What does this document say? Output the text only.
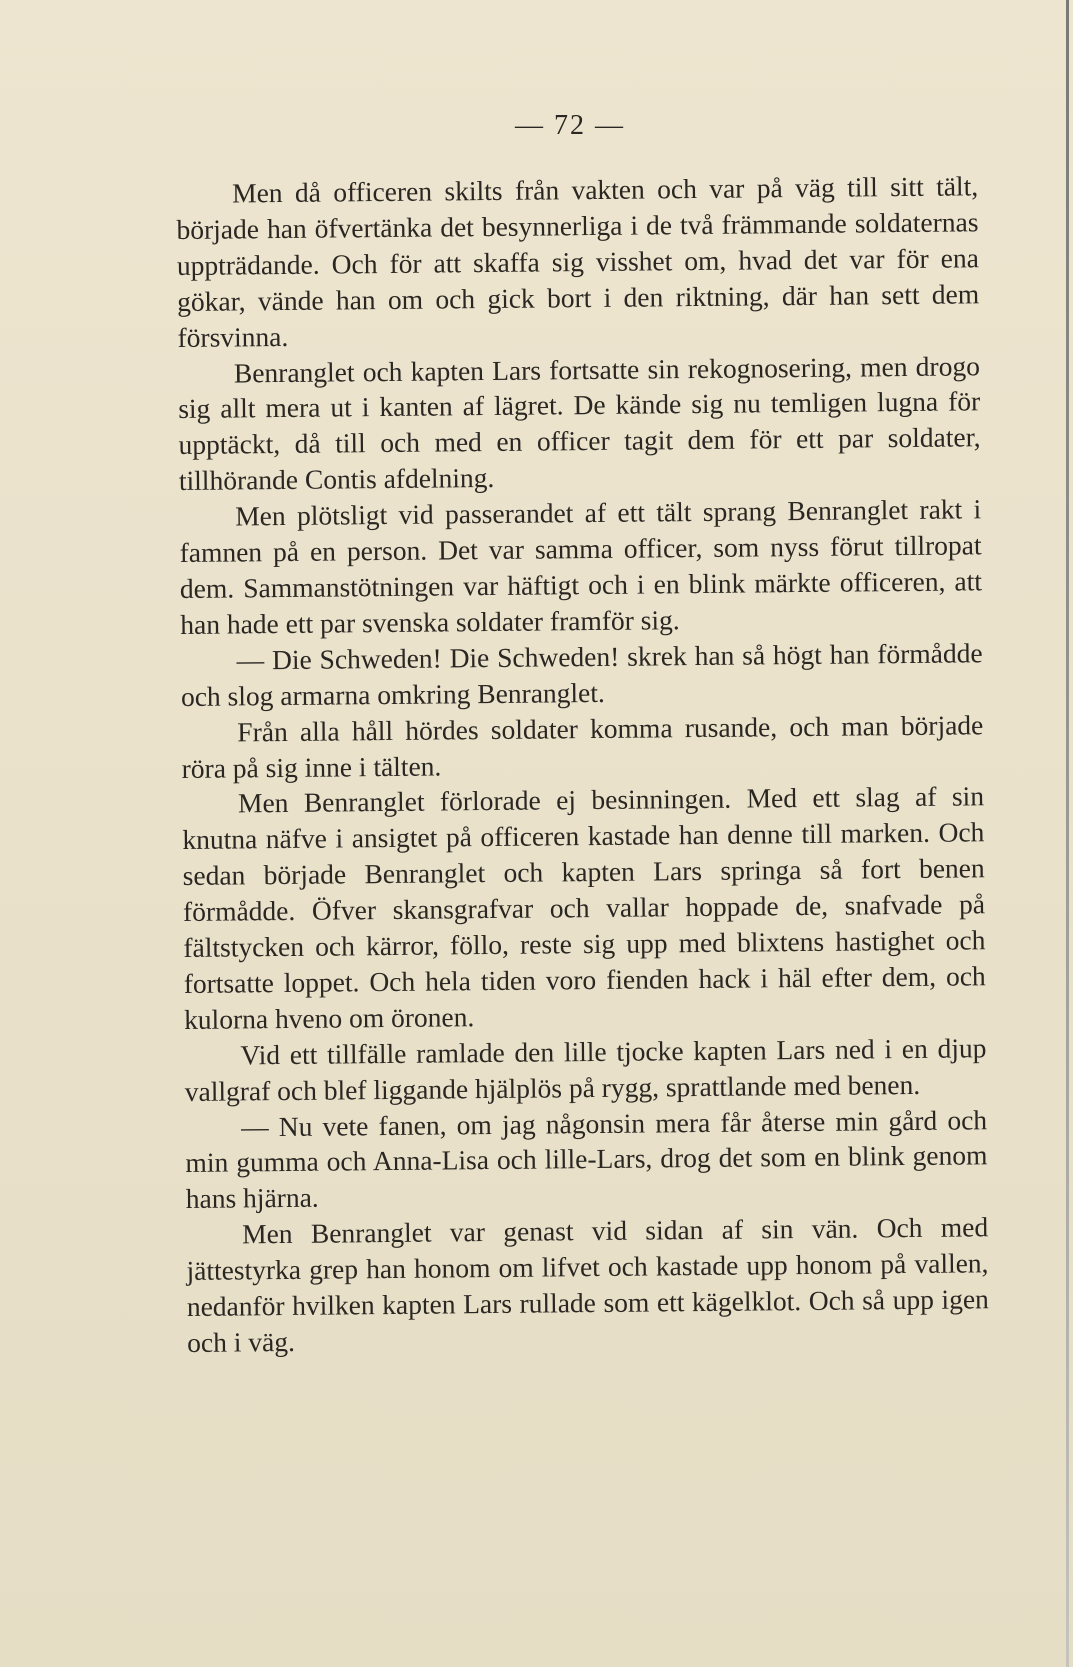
— 72 —

Men då officeren skilts från vakten och var på väg till sitt tält, började han öfvertänka det besynnerliga i de två främmande soldaternas uppträdande. Och för att skaffa sig visshet om, hvad det var för ena gökar, vände han om och gick bort i den riktning, där han sett dem försvinna.

Benranglet och kapten Lars fortsatte sin rekognosering, men drogo sig allt mera ut i kanten af lägret. De kände sig nu temligen lugna för upptäckt, då till och med en officer tagit dem för ett par soldater, tillhörande Contis afdelning.

Men plötsligt vid passerandet af ett tält sprang Benranglet rakt i famnen på en person. Det var samma officer, som nyss förut tillropat dem. Sammanstötningen var häftigt och i en blink märkte officeren, att han hade ett par svenska soldater framför sig.

— Die Schweden! Die Schweden! skrek han så högt han förmådde och slog armarna omkring Benranglet.

Från alla håll hördes soldater komma rusande, och man började röra på sig inne i tälten.

Men Benranglet förlorade ej besinningen. Med ett slag af sin knutna näfve i ansigtet på officeren kastade han denne till marken. Och sedan började Benranglet och kapten Lars springa så fort benen förmådde. Öfver skansgrafvar och vallar hoppade de, snafvade på fältstycken och kärror, föllo, reste sig upp med blixtens hastighet och fortsatte loppet. Och hela tiden voro fienden hack i häl efter dem, och kulorna hveno om öronen.

Vid ett tillfälle ramlade den lille tjocke kapten Lars ned i en djup vallgraf och blef liggande hjälplös på rygg, sprattlande med benen.

— Nu vete fanen, om jag någonsin mera får återse min gård och min gumma och Anna-Lisa och lille-Lars, drog det som en blink genom hans hjärna.

Men Benranglet var genast vid sidan af sin vän. Och med jättestyrka grep han honom om lifvet och kastade upp honom på vallen, nedanför hvilken kapten Lars rullade som ett kägelklot. Och så upp igen och i väg.
